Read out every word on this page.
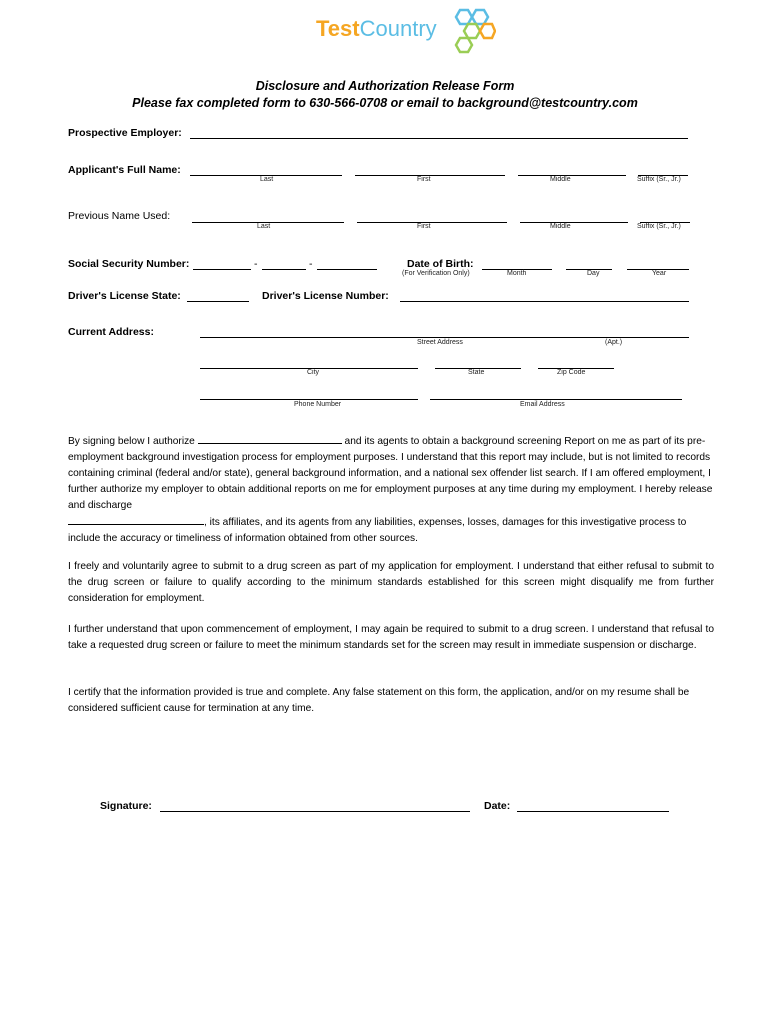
TestCountry
Disclosure and Authorization Release Form
Please fax completed form to 630-566-0708 or email to background@testcountry.com
Prospective Employer:
Applicant's Full Name:
Last	First	Middle	Suffix (Sr., Jr.)
Previous Name Used:
Last	First	Middle	Suffix (Sr., Jr.)
Social Security Number:	-	-	Date of Birth:
(For Verification Only)	Month	Day	Year
Driver's License State:	Driver's License Number:
Current Address:
Street Address	(Apt.)
City	State	Zip Code
Phone Number	Email Address
By signing below I authorize	and its agents to obtain a background screening Report on me as part of its pre-employment background investigation process for employment purposes. I understand that this report may include, but is not limited to records containing criminal (federal and/or state), general background information, and a national sex offender list search. If I am offered employment, I further authorize my employer to obtain additional reports on me for employment purposes at any time during my employment. I hereby release and discharge
, its affiliates, and its agents from any liabilities, expenses, losses, damages for this investigative process to include the accuracy or timeliness of information obtained from other sources.
I freely and voluntarily agree to submit to a drug screen as part of my application for employment. I understand that either refusal to submit to the drug screen or failure to qualify according to the minimum standards established for this screen might disqualify me from further consideration for employment.
I further understand that upon commencement of employment, I may again be required to submit to a drug screen. I understand that refusal to take a requested drug screen or failure to meet the minimum standards set for the screen may result in immediate suspension or discharge.
I certify that the information provided is true and complete. Any false statement on this form, the application, and/or on my resume shall be considered sufficient cause for termination at any time.
Signature:	Date:
